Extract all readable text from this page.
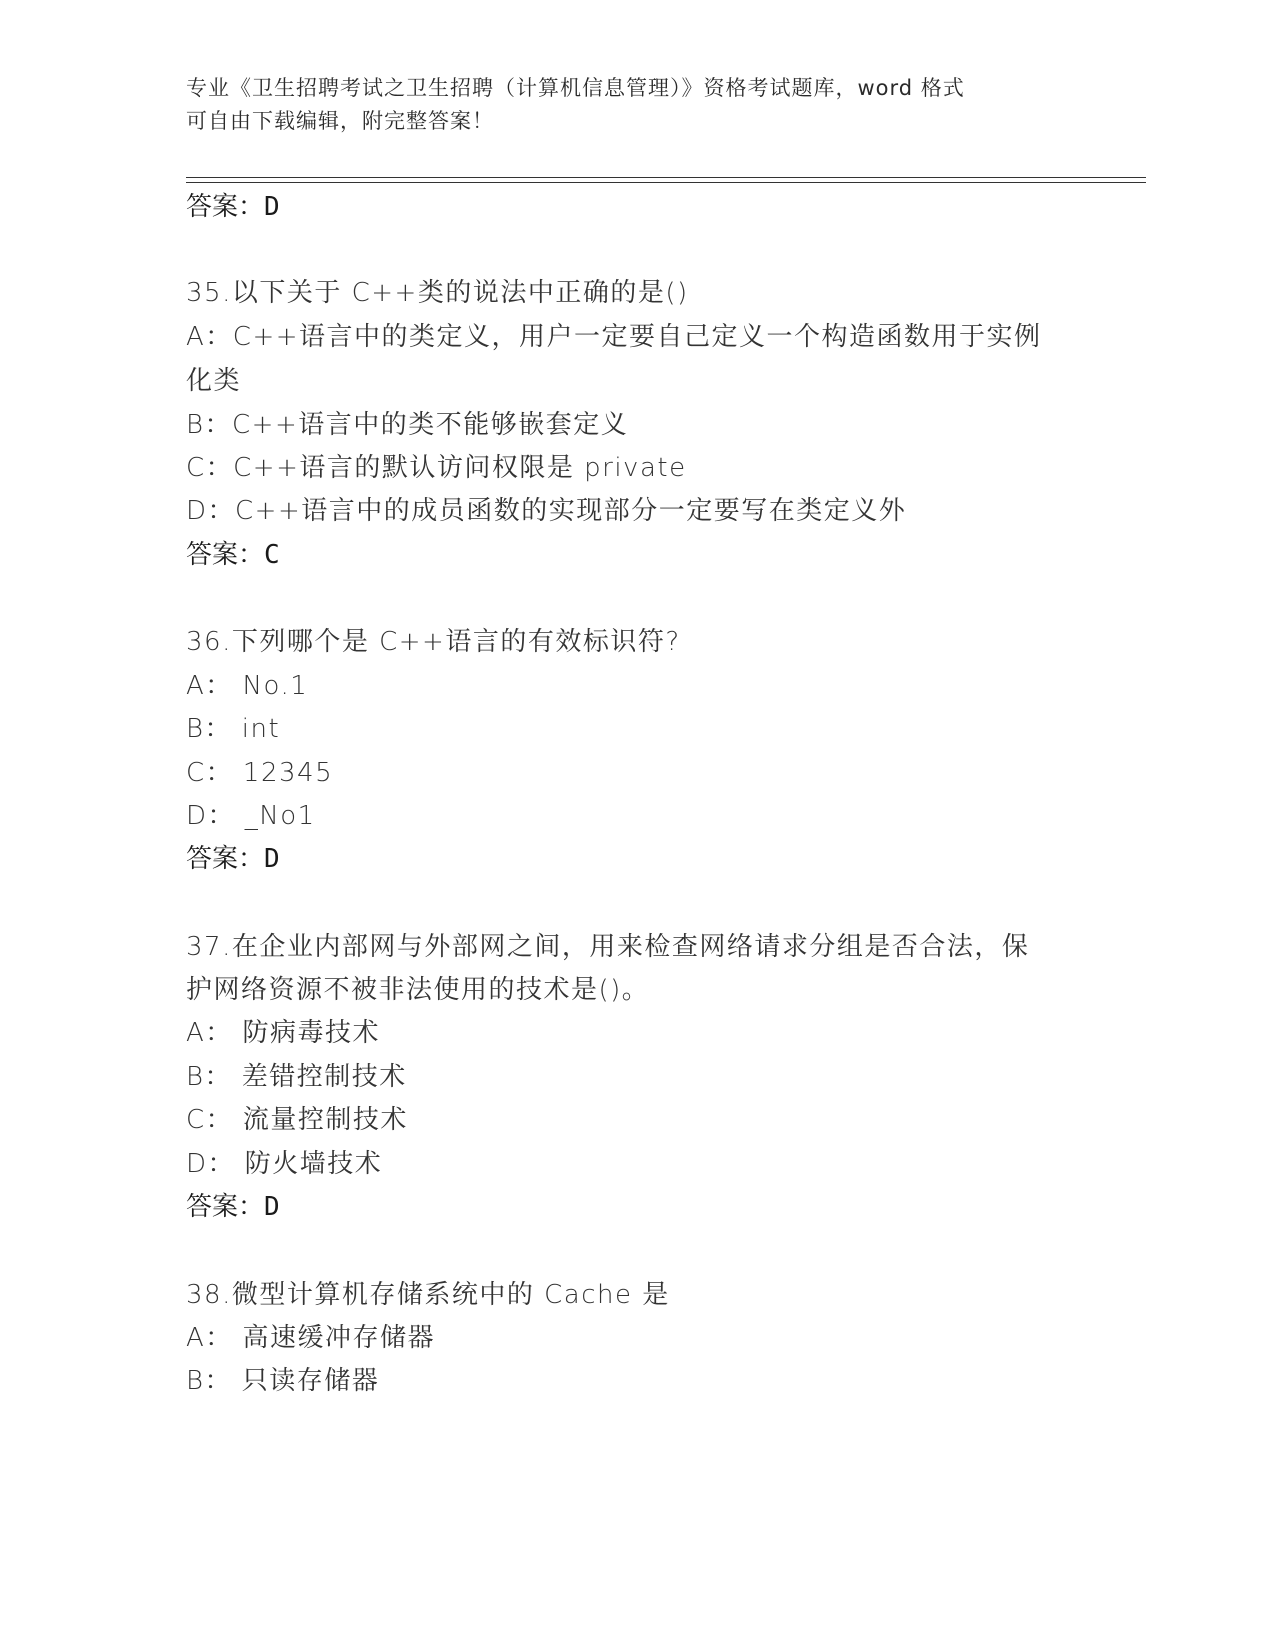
专业《卫生招聘考试之卫生招聘（计算机信息管理）》资格考试题库，word 格式
可自由下载编辑，附完整答案！
答案：D
35.以下关于 C++类的说法中正确的是()
A：C++语言中的类定义，用户一定要自己定义一个构造函数用于实例
化类
B：C++语言中的类不能够嵌套定义
C：C++语言的默认访问权限是 private
D：C++语言中的成员函数的实现部分一定要写在类定义外
答案：C
36.下列哪个是 C++语言的有效标识符?
A： No.1
B： int
C： 12345
D： _No1
答案：D
37.在企业内部网与外部网之间，用来检查网络请求分组是否合法，保
护网络资源不被非法使用的技术是()。
A： 防病毒技术
B： 差错控制技术
C： 流量控制技术
D： 防火墙技术
答案：D
38.微型计算机存储系统中的 Cache 是
A： 高速缓冲存储器
B： 只读存储器
